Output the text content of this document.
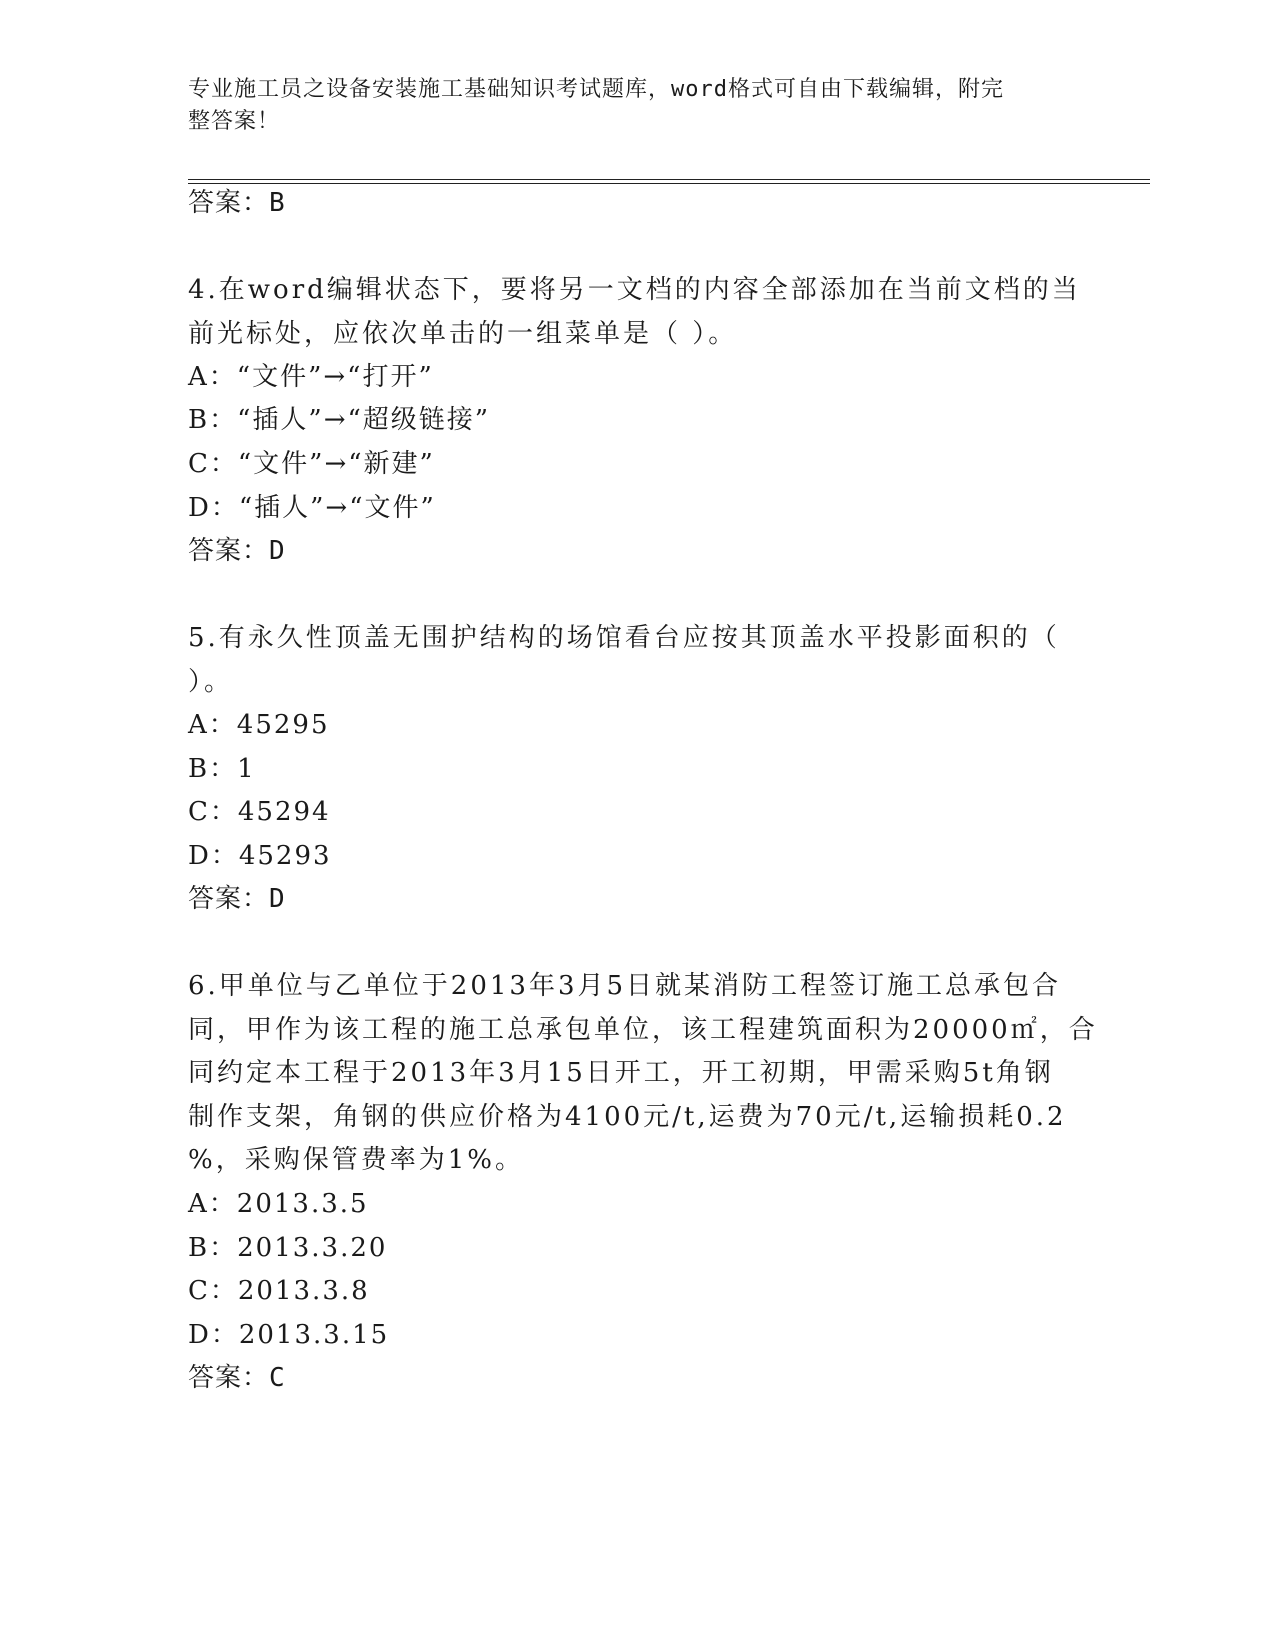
专业施工员之设备安装施工基础知识考试题库，word格式可自由下载编辑，附完
整答案！
答案：B
4.在word编辑状态下，要将另一文档的内容全部添加在当前文档的当
前光标处，应依次单击的一组菜单是（ ）。
A：“文件”→“打开”
B：“插人”→“超级链接”
C：“文件”→“新建”
D：“插人”→“文件”
答案：D
5.有永久性顶盖无围护结构的场馆看台应按其顶盖水平投影面积的（
）。
A：45295
B：1
C：45294
D：45293
答案：D
6.甲单位与乙单位于2013年3月5日就某消防工程签订施工总承包合
同，甲作为该工程的施工总承包单位，该工程建筑面积为20000㎡，合
同约定本工程于2013年3月15日开工，开工初期，甲需采购5t角钢
制作支架，角钢的供应价格为4100元/t,运费为70元/t,运输损耗0.2
%，采购保管费率为1%。
A：2013.3.5
B：2013.3.20
C：2013.3.8
D：2013.3.15
答案：C
